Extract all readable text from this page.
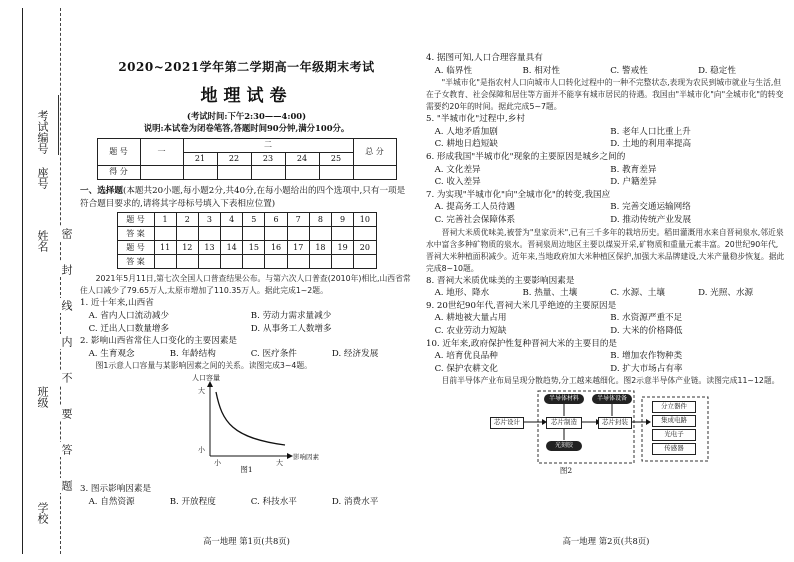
考试编号
姓名
班级
学校
密
封
线
内
不
要
答
题
座号
2020~2021学年第二学期高一年级期末考试
地理试卷
(考试时间:下午2:30——4:00)
说明:本试卷为闭卷笔答,答题时间90分钟,满分100分。
题 号	一	二					总 分
		21	22	23	24	25	
得 分							
一、选择题(本题共20小题,每小题2分,共40分,在每小题给出的四个选项中,只有一项是符合题目要求的,请将其字母标号填入下表相应位置)
题 号	1	2	3	4	5	6	7	8	9	10
答 案										
题 号	11	12	13	14	15	16	17	18	19	20
答 案										
2021年5月11日,第七次全国人口普查结果公布。与第六次人口普查(2010年)相比,山西省常住人口减少了79.65万人,太原市增加了110.35万人。据此完成1~2题。
1. 近十年来,山西省
A. 省内人口流动减少	B. 劳动力需求量减少
C. 迁出人口数量增多	D. 从事务工人数增多
2. 影响山西省常住人口变化的主要因素是
A. 生育观念	B. 年龄结构	C. 医疗条件	D. 经济发展
图1示意人口容量与某影响因素之间的关系。读图完成3~4题。
人口容量
大
小
小	大
影响因素
图1
3. 图示影响因素是
A. 自然资源	B. 开放程度	C. 科技水平	D. 消费水平
高一地理 第1页(共8页)
4. 据图可知,人口合理容量具有
A. 临界性	B. 相对性	C. 警戒性	D. 稳定性
"半城市化"是指农村人口向城市人口转化过程中的一种不完整状态,表现为农民到城市就业与生活,但在子女教育、社会保障和居住等方面并不能享有城市居民的待遇。我国由"半城市化"向"全城市化"的转变需要约20年的时间。据此完成5~7题。
5. "半城市化"过程中,乡村
A. 人地矛盾加剧	B. 老年人口比重上升
C. 耕地日趋短缺	D. 土地的利用率提高
6. 形成我国"半城市化"现象的主要原因是城乡之间的
A. 文化差异	B. 教育差异
C. 收入差异	D. 户籍差异
7. 为实现"半城市化"向"全城市化"的转变,我国应
A. 提高务工人员待遇	B. 完善交通运输网络
C. 完善社会保障体系	D. 推动传统产业发展
晋祠大米质优味美,被誉为"皇家贡米",已有三千多年的栽培历史。稻田灌溉用水来自晋祠泉水,邻近泉水中富含多种矿物质的泉水。晋祠泉周边地区主要以煤炭开采,矿物质和重量元素丰富。20世纪90年代,晋祠大米种植面积减少。近年来,当地政府加大米种植区保护,加强大米品牌建设,大米产量稳步恢复。据此完成8~10题。
8. 晋祠大米质优味美的主要影响因素是
A. 地形、降水	B. 热量、土壤	C. 水源、土壤	D. 光照、水源
9. 20世纪90年代,晋祠大米几乎绝迹的主要原因是
A. 耕地被大量占用	B. 水资源严重不足
C. 农业劳动力短缺	D. 大米的价格降低
10. 近年来,政府保护性复种晋祠大米的主要目的是
A. 培育优良品种	B. 增加农作物种类
C. 保护农耕文化	D. 扩大市场占有率
目前半导体产业布局呈现分散趋势,分工越来越细化。图2示意半导体产业链。读图完成11~12题。
芯片设计	芯片制造	芯片封装
半导体材料	半导体设备
光刻胶
分立器件
集成电路
光电子
传感器
图2
高一地理 第2页(共8页)
